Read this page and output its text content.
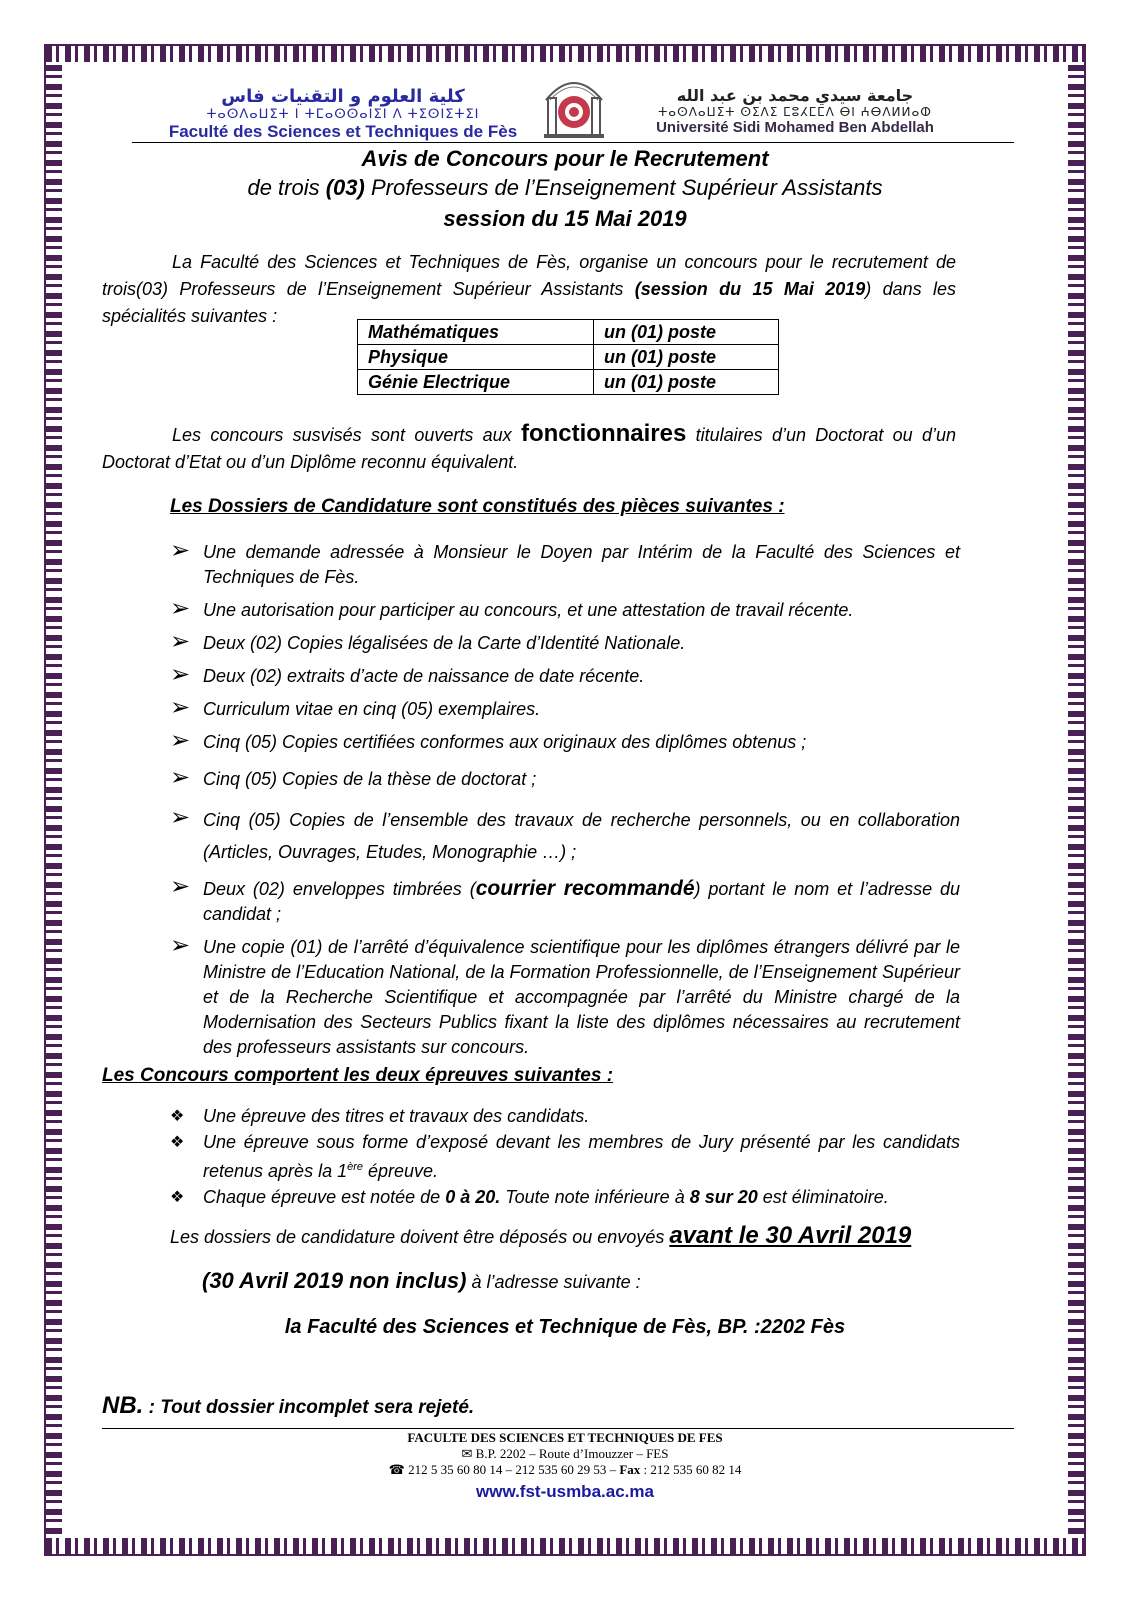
كلية العلوم و التقنيات فاس
ⵜⴰⵙⴷⴰⵡⵉⵜ ⵏ ⵜⵎⴰⵙⵙⴰⵏⵉⵏ ⴷ ⵜⵉⵙⵏⵉⵜⵉⵏ
Faculté des Sciences et Techniques de Fès
جامعة سيدي محمد بن عبد الله
ⵜⴰⵙⴷⴰⵡⵉⵜ ⵙⵉⴷⵉ ⵎⵓⵃⵎⵎⴷ ⴱⵏ ⵄⴱⴷⵍⵍⴰⵀ
Université Sidi Mohamed Ben Abdellah
Avis de Concours pour le Recrutement
de trois (03) Professeurs de l’Enseignement Supérieur Assistants
session du 15 Mai 2019
La Faculté des Sciences et Techniques de Fès, organise un concours pour le recrutement de trois(03) Professeurs de l’Enseignement Supérieur Assistants (session du 15 Mai 2019) dans les spécialités suivantes :
Mathématiques	un (01) poste
Physique	un (01) poste
Génie Electrique	un (01) poste
Les concours susvisés sont ouverts aux fonctionnaires titulaires d’un Doctorat ou d’un Doctorat d’Etat ou d’un Diplôme reconnu équivalent.
Les Dossiers de Candidature sont constitués des pièces suivantes :
➢ Une demande adressée à Monsieur le Doyen par Intérim de la Faculté des Sciences et Techniques de Fès.
➢ Une autorisation pour participer au concours, et une attestation de travail récente.
➢ Deux (02) Copies légalisées de la Carte d’Identité Nationale.
➢ Deux (02) extraits d’acte de naissance de date récente.
➢ Curriculum vitae en cinq (05) exemplaires.
➢ Cinq (05) Copies certifiées conformes aux originaux des diplômes obtenus ;
➢ Cinq (05) Copies de la thèse de doctorat ;
➢ Cinq (05) Copies de l’ensemble des travaux de recherche personnels, ou en collaboration (Articles, Ouvrages, Etudes, Monographie …) ;
➢ Deux (02) enveloppes timbrées (courrier recommandé) portant le nom et l’adresse du candidat ;
➢ Une copie (01) de l’arrêté d’équivalence scientifique pour les diplômes étrangers délivré par le Ministre de l’Education National, de la Formation Professionnelle, de l’Enseignement Supérieur et de la Recherche Scientifique et accompagnée par l’arrêté du Ministre chargé de la Modernisation des Secteurs Publics fixant la liste des diplômes nécessaires au recrutement des professeurs assistants sur concours.
Les Concours comportent les deux épreuves suivantes :
❖ Une épreuve des titres et travaux des candidats.
❖ Une épreuve sous forme d’exposé devant les membres de Jury présenté par les candidats retenus après la 1ère épreuve.
❖ Chaque épreuve est notée de 0 à 20. Toute note inférieure à 8 sur 20 est éliminatoire.
Les dossiers de candidature doivent être déposés ou envoyés avant le 30 Avril 2019
(30 Avril 2019 non inclus) à l’adresse suivante :
la Faculté des Sciences et Technique de Fès, BP. :2202 Fès
NB. : Tout dossier incomplet sera rejeté.
FACULTE DES SCIENCES ET TECHNIQUES DE FES
✉ B.P. 2202 – Route d’Imouzzer – FES
☎ 212 5 35 60 80 14 – 212 535 60 29 53 – Fax : 212 535 60 82 14
www.fst-usmba.ac.ma
